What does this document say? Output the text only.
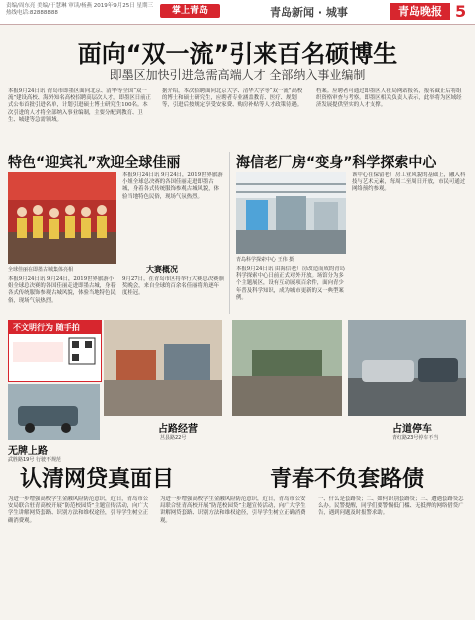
责编/周东亮 美编/于慧琳 审读/杨燕 2019年9月25日 星期三 热线电话:82888888	掌上青岛	青岛新闻 · 城事	青岛晚报 5
面向“双一流”引来百名硕博生
即墨区加快引进急需高端人才 全部纳入事业编制
本报9月24日讯 青岛市即墨区面向北京、清华等全国“双一流”建设高校、海外知名高校招聘高层次人才，即墨区日前正式公布首批引进名单，计划引进硕士博士研究生100名。本次引进的人才将全部纳入事业编制，主要分配到教育、卫生、城建等急需领域。
据介绍，本次招聘面向北京大学、清华大学等“双一流”高校的博士和硕士研究生，应聘者专业涵盖教育、医疗、规划等，引进后按规定享受安家费、购房补贴等人才政策待遇。
档案。应聘者可通过即墨区人社局网站报名，报名截止后将组织资格审查与考察。即墨区相关负责人表示，此举将为区域经济发展提供坚实的人才支撑。
特色“迎宾礼”欢迎全球佳丽
全球佳丽在即墨古城集体亮相
本报9月24日讯 9月24日，2019世界旅游小姐全球总决赛的各国佳丽走进即墨古城，身着各式传统服饰参观古城风貌，体验当地特色民俗，现场气氛热烈。
本报9月24日讯 9月24日，2019世界旅游小姐全球总决赛的各国佳丽走进即墨古城，身着各式传统服饰参观古城风貌，体验当地特色民俗，现场气氛热烈。
大赛概况
9月27日，在青岛市区将举行大赛总决赛颁奖晚会，来自全球的百余名佳丽将角逐年度桂冠。
海信老厂房“变身”科学探索中心
青岛科学探索中心 王伟 摄
本报9月24日讯 由海信老厂房改造而成的青岛科学探索中心日前正式对外开放。场馆分为多个主题展区，设有互动展项百余件，面向青少年普及科学知识，成为城市更新的又一典型案例。
该中心在保留老厂房工业风貌的基础上，融入科技与艺术元素，每周二至周日开放，市民可通过网络预约参观。
不文明行为 随手拍
无牌上路
武胜路19号 行驶不规范
占路经营
莒县路22号
占道停车
青红路23号停车不当
认清网贷真面目	青春不负套路债
为进一步增强高校学生金融风险防范意识，近日，青岛市公安局联合驻青高校开展“防范校园贷”主题宣传活动，向广大学生讲解网贷套路、识别方法和维权途径，引导学生树立正确消费观。
为进一步增强高校学生金融风险防范意识，近日，青岛市公安局联合驻青高校开展“防范校园贷”主题宣传活动，向广大学生讲解网贷套路、识别方法和维权途径，引导学生树立正确消费观。
一、什么是套路贷；二、如何识别套路贷；三、遭遇套路贷怎么办。民警提醒，同学们要警惕低门槛、无抵押的网络借贷广告，遇到问题及时报警求助。
